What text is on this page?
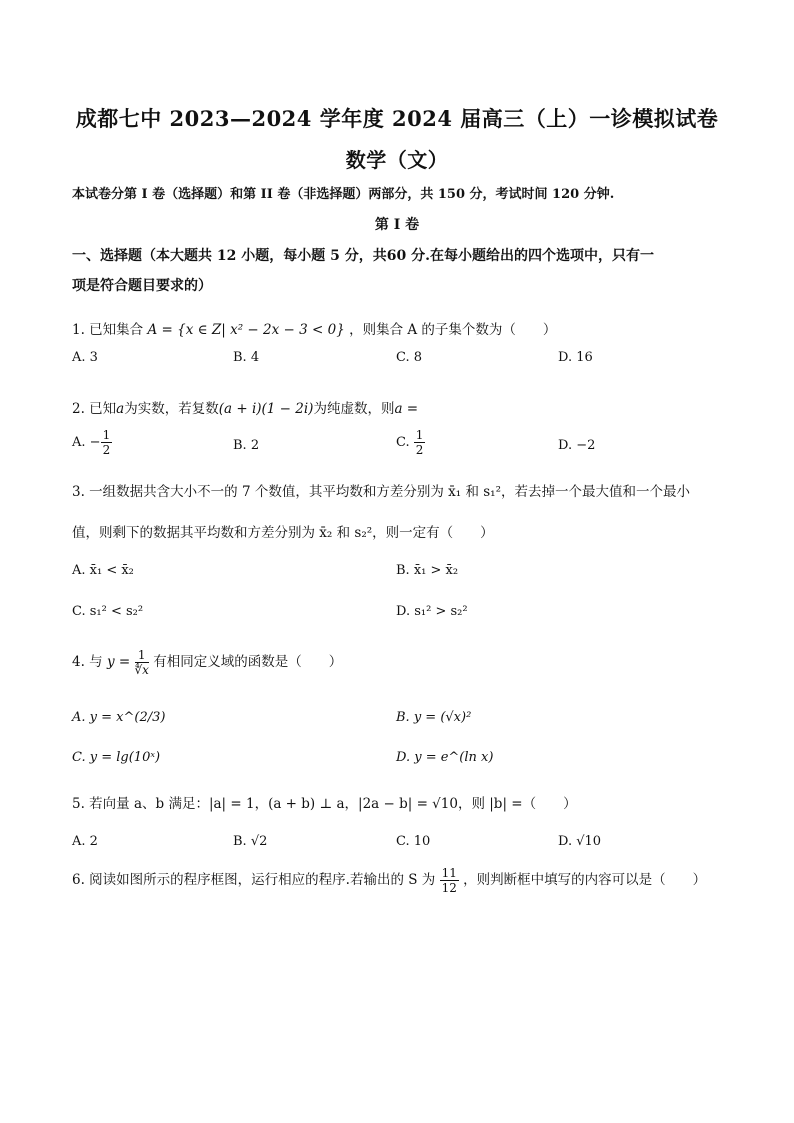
成都七中 2023—2024 学年度 2024 届高三（上）一诊模拟试卷
数学（文）
本试卷分第 I 卷（选择题）和第 II 卷（非选择题）两部分，共 150 分，考试时间 120 分钟.
第 I 卷
一、选择题（本大题共 12 小题，每小题 5 分，共60 分.在每小题给出的四个选项中，只有一
项是符合题目要求的）
1. 已知集合 A = {x ∈ Z| x² − 2x − 3 < 0} ，则集合 A 的子集个数为（　　）
A. 3	B. 4	C. 8	D. 16
2. 已知a为实数，若复数(a + i)(1 − 2i)为纯虚数，则a =
A. − $\frac{1}{2}$	B. 2	C. $\frac{1}{2}$	D. −2
3. 一组数据共含大小不一的 7 个数值，其平均数和方差分别为 x̄₁ 和 s₁²，若去掉一个最大值和一个最小
值，则剩下的数据其平均数和方差分别为 x̄₂ 和 s₂²，则一定有（　　）
A. x̄₁ < x̄₂	B. x̄₁ > x̄₂
C. s₁² < s₂²	D. s₁² > s₂²
4. 与 $y = \frac{1}{∜x}$ 有相同定义域的函数是（　　）
A. y = x^(2/3)	B. y = (√x)²
C. y = lg(10ˣ)	D. y = e^(ln x)
5. 若向量 a、b 满足：|a| = 1，(a + b) ⊥ a，|2a − b| = √10，则 |b| =（　　）
A. 2	B. √2	C. 10	D. √10
6. 阅读如图所示的程序框图，运行相应的程序.若输出的 S 为 $\frac{11}{12}$ ，则判断框中填写的内容可以是（　　）
